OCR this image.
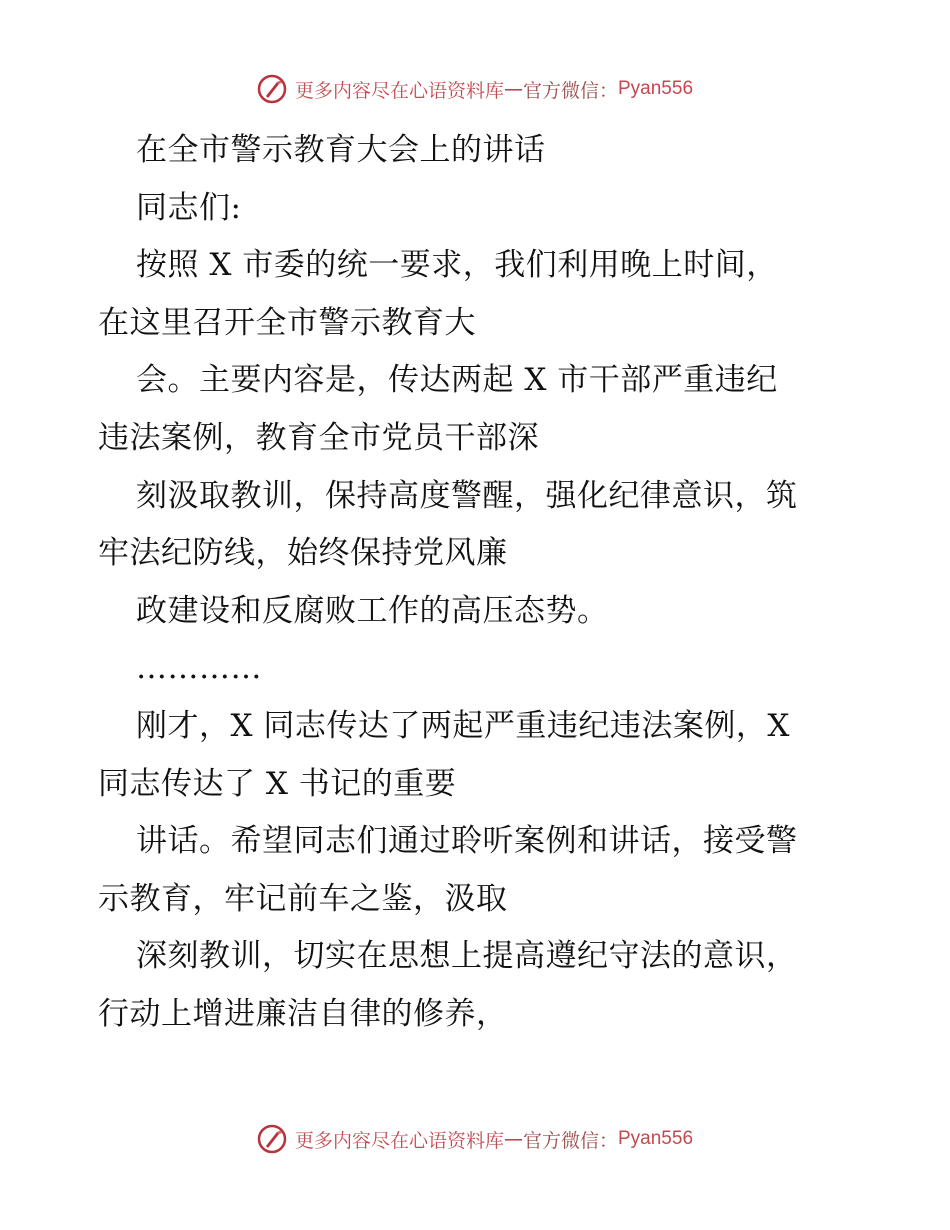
更多内容尽在心语资料库 — 官方微信： Pyan556
在全市警示教育大会上的讲话
同志们:
按照 X 市委的统一要求，我们利用晚上时间，
在这里召开全市警示教育大
会。主要内容是，传达两起 X 市干部严重违纪
违法案例，教育全市党员干部深
刻汲取教训，保持高度警醒，强化纪律意识，筑
牢法纪防线，始终保持党风廉
政建设和反腐败工作的高压态势。
…………
刚才，X 同志传达了两起严重违纪违法案例，X
同志传达了 X 书记的重要
讲话。希望同志们通过聆听案例和讲话，接受警
示教育，牢记前车之鉴，汲取
深刻教训，切实在思想上提高遵纪守法的意识，
行动上增进廉洁自律的修养，
更多内容尽在心语资料库 — 官方微信： Pyan556
